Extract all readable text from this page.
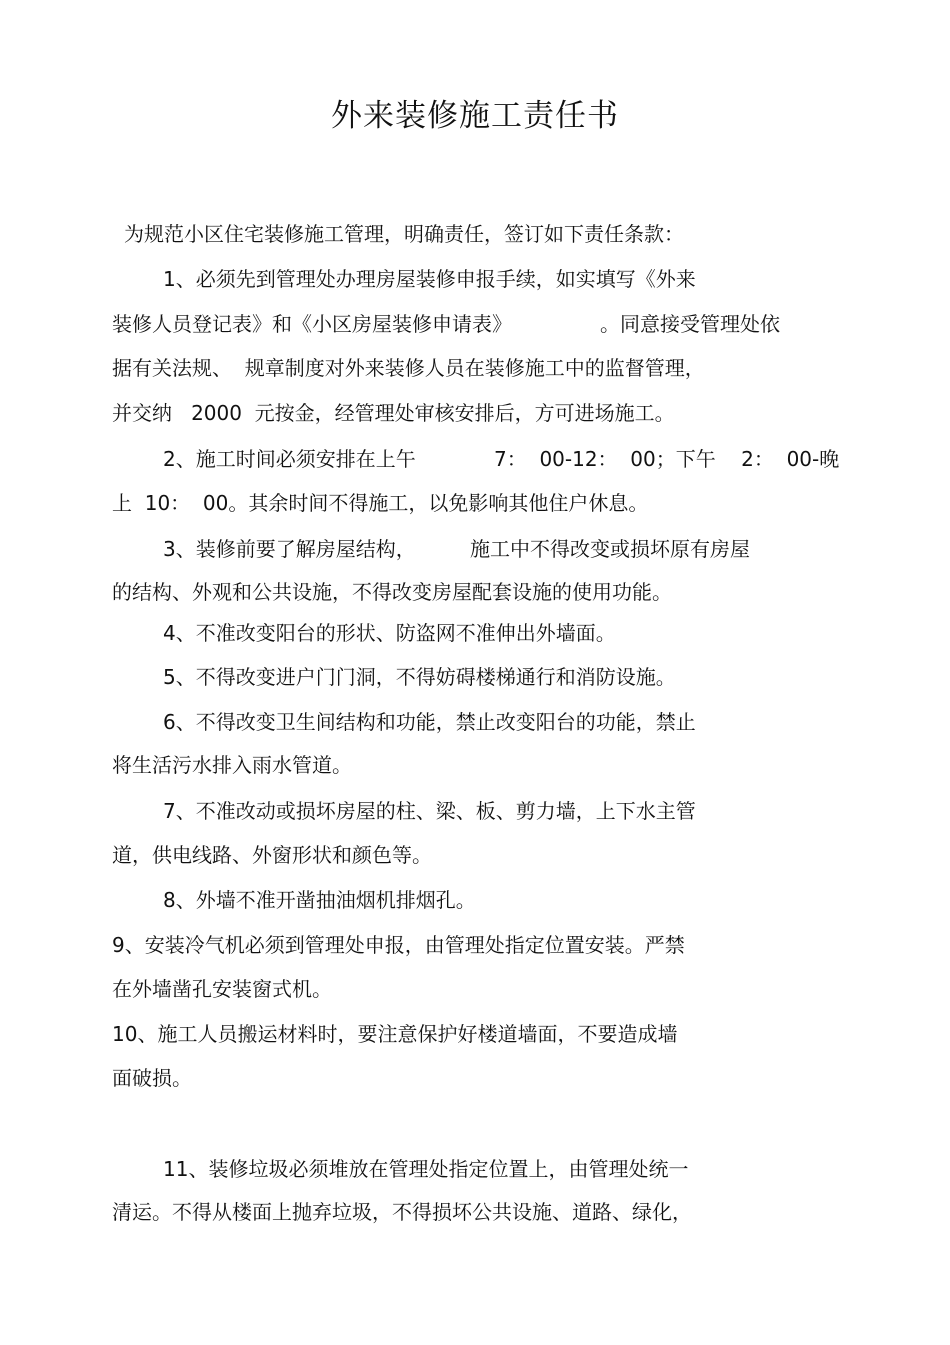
外来装修施工责任书
为规范小区住宅装修施工管理，明确责任，签订如下责任条款：
1、必须先到管理处办理房屋装修申报手续，如实填写《外来
装修人员登记表》和《小区房屋装修申请表》	。同意接受管理处依
据有关法规、  规章制度对外来装修人员在装修施工中的监督管理，
并交纳   2000  元按金，经管理处审核安排后，方可进场施工。
2、施工时间必须安排在上午	7：  00-12：  00；下午    2：  00-晚
上  10：  00。其余时间不得施工，以免影响其他住户休息。
3、装修前要了解房屋结构，	施工中不得改变或损坏原有房屋
的结构、外观和公共设施，不得改变房屋配套设施的使用功能。
4、不准改变阳台的形状、防盗网不准伸出外墙面。
5、不得改变进户门门洞，不得妨碍楼梯通行和消防设施。
6、不得改变卫生间结构和功能，禁止改变阳台的功能，禁止
将生活污水排入雨水管道。
7、不准改动或损坏房屋的柱、梁、板、剪力墙，上下水主管
道，供电线路、外窗形状和颜色等。
8、外墙不准开凿抽油烟机排烟孔。
9、安装冷气机必须到管理处申报，由管理处指定位置安装。严禁
在外墙凿孔安装窗式机。
10、施工人员搬运材料时，要注意保护好楼道墙面，不要造成墙
面破损。
11、装修垃圾必须堆放在管理处指定位置上，由管理处统一
清运。不得从楼面上抛弃垃圾，不得损坏公共设施、道路、绿化，
